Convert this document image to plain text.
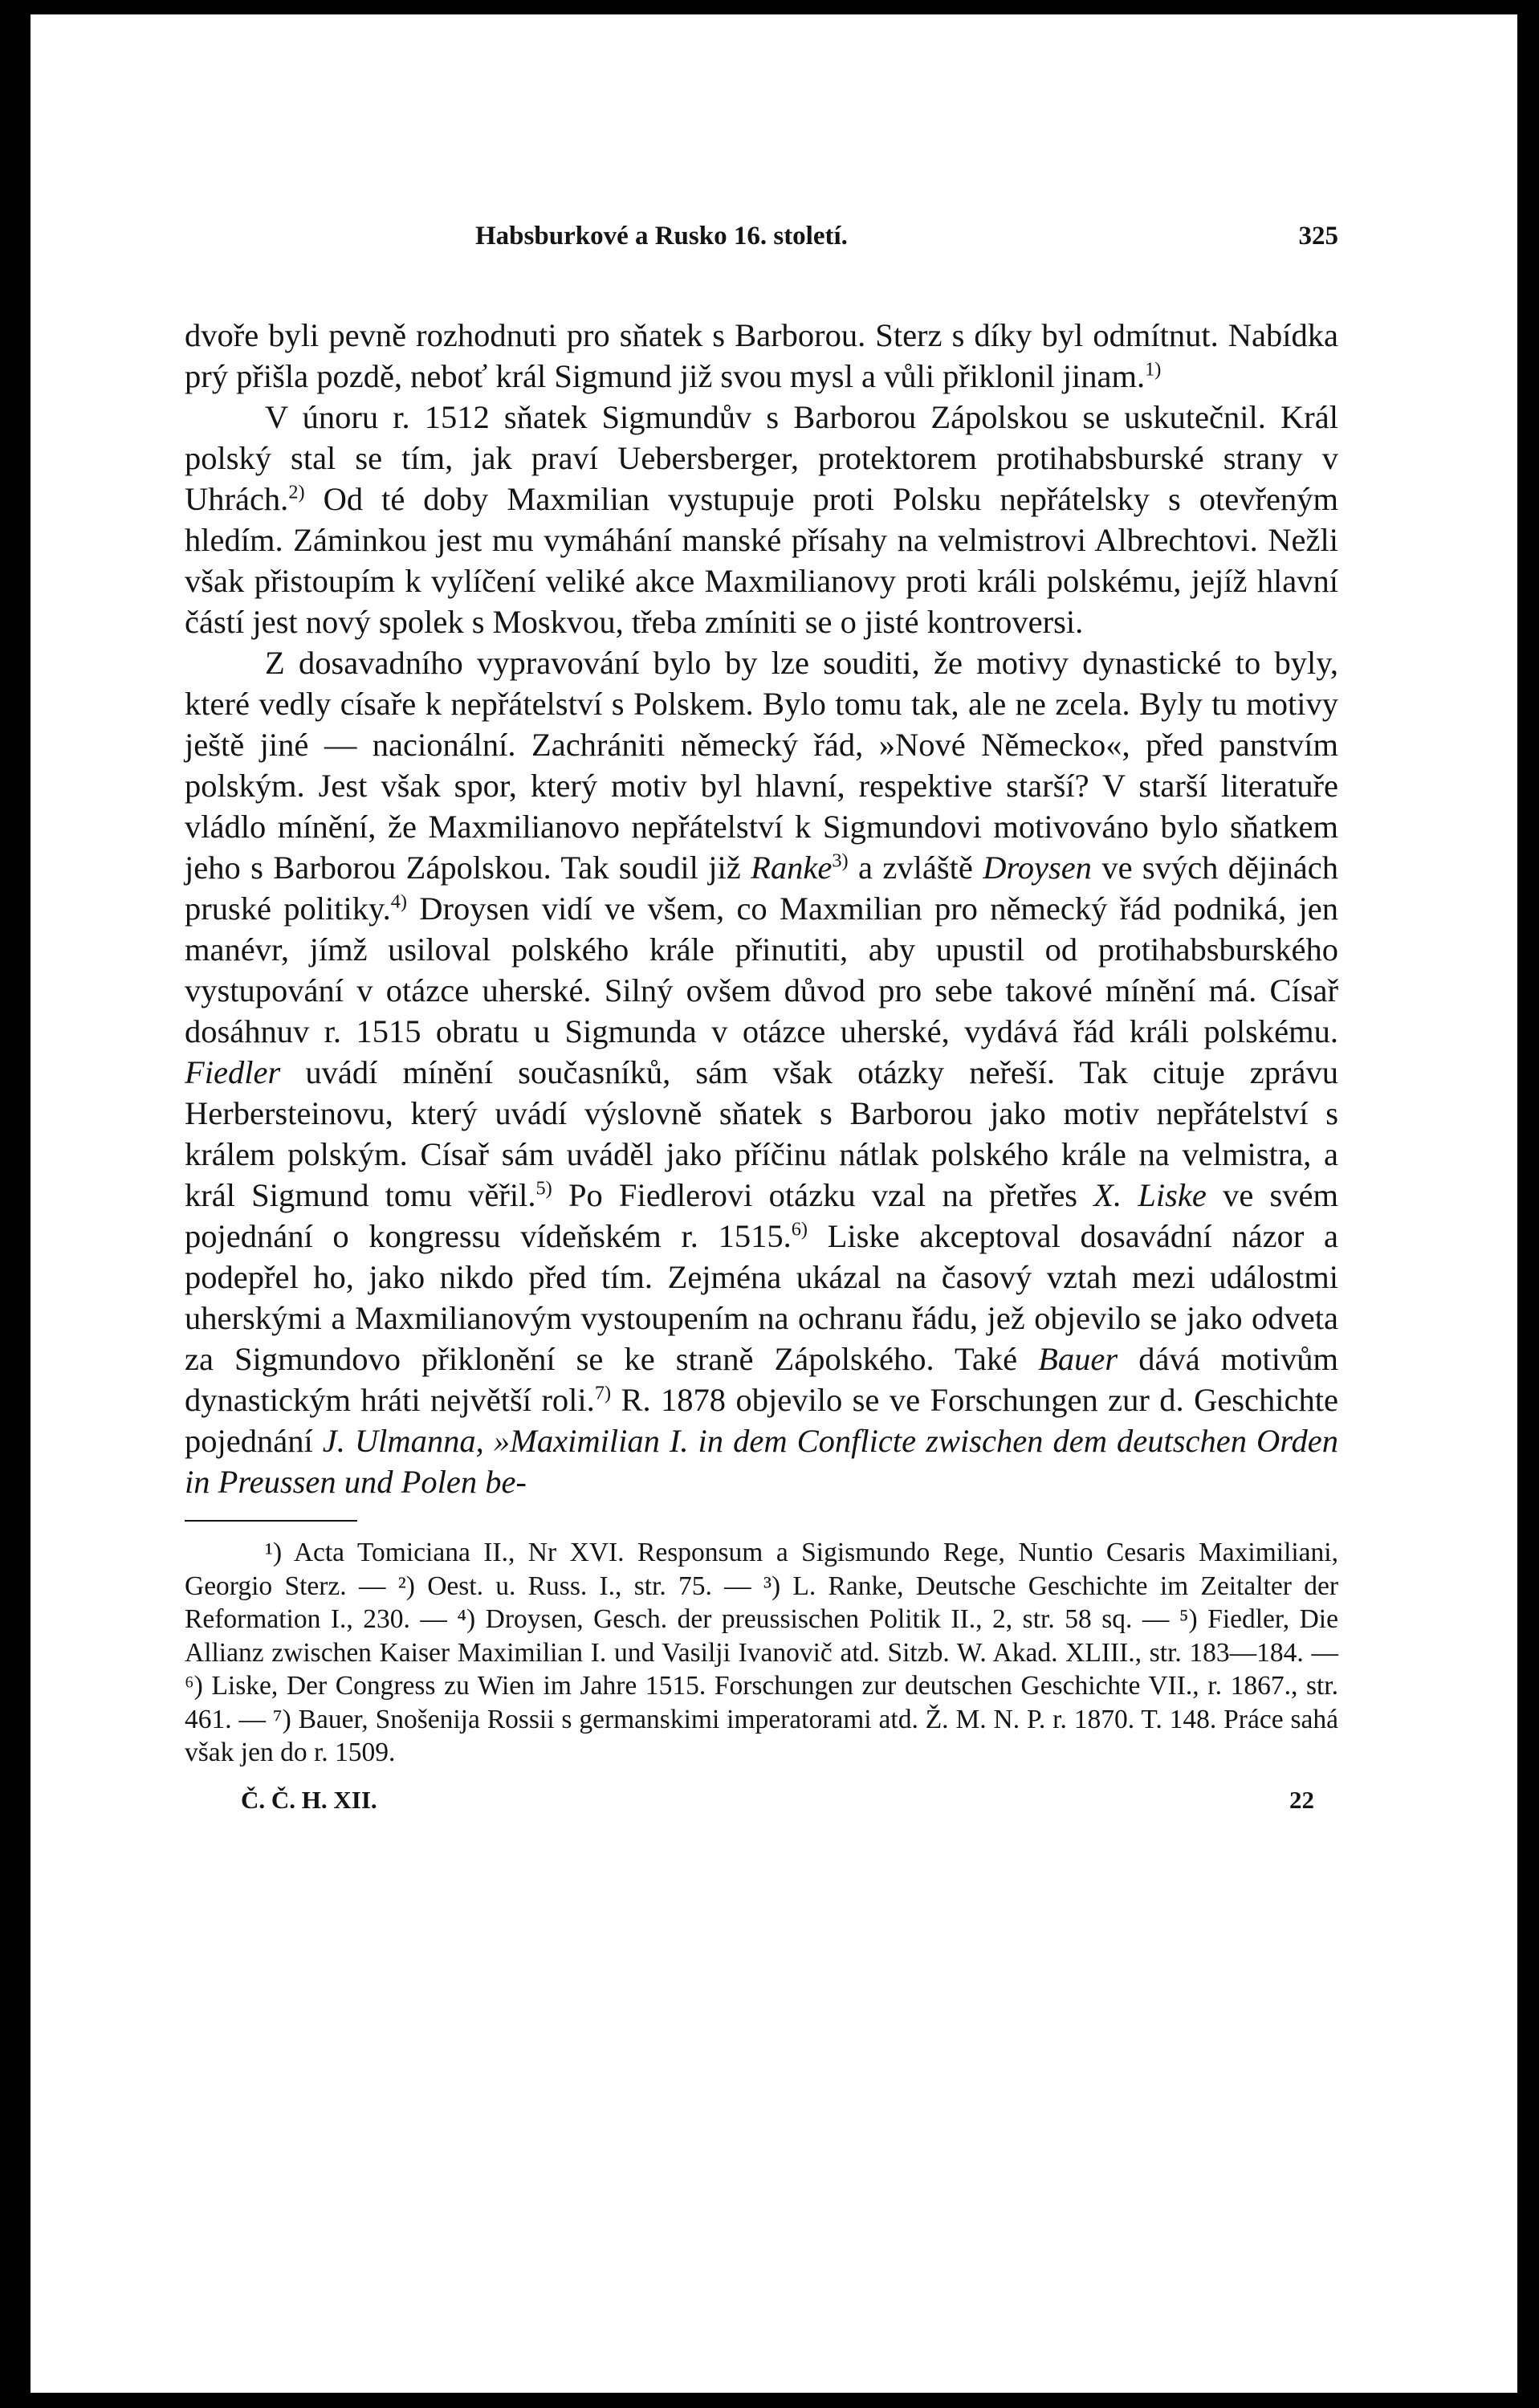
Habsburkové a Rusko 16. století.	325

dvoře byli pevně rozhodnuti pro sňatek s Barborou. Sterz s díky byl odmítnut. Nabídka prý přišla pozdě, neboť král Sigmund již svou mysl a vůli přiklonil jinam.$^{1)}$

V únoru r. 1512 sňatek Sigmundův s Barborou Zápolskou se uskutečnil. Král polský stal se tím, jak praví Uebersberger, protektorem protihabsburské strany v Uhrách.$^{2)}$ Od té doby Maxmilian vystupuje proti Polsku nepřátelsky s otevřeným hledím. Záminkou jest mu vymáhání manské přísahy na velmistrovi Albrechtovi. Nežli však přistoupím k vylíčení veliké akce Maxmilianovy proti králi polskému, jejíž hlavní částí jest nový spolek s Moskvou, třeba zmíniti se o jisté kontroversi.

Z dosavadního vypravování bylo by lze souditi, že motivy dynastické to byly, které vedly císaře k nepřátelství s Polskem. Bylo tomu tak, ale ne zcela. Byly tu motivy ještě jiné — nacionální. Zachrániti německý řád, »Nové Německo«, před panstvím polským. Jest však spor, který motiv byl hlavní, respektive starší? V starší literatuře vládlo mínění, že Maxmilianovo nepřátelství k Sigmundovi motivováno bylo sňatkem jeho s Barborou Zápolskou. Tak soudil již Ranke$^{3)}$ a zvláště Droysen ve svých dějinách pruské politiky.$^{4)}$ Droysen vidí ve všem, co Maxmilian pro německý řád podniká, jen manévr, jímž usiloval polského krále přinutiti, aby upustil od protihabsburského vystupování v otázce uherské. Silný ovšem důvod pro sebe takové mínění má. Císař dosáhnuv r. 1515 obratu u Sigmunda v otázce uherské, vydává řád králi polskému. Fiedler uvádí mínění současníků, sám však otázky neřeší. Tak cituje zprávu Herbersteinovu, který uvádí výslovně sňatek s Barborou jako motiv nepřátelství s králem polským. Císař sám uváděl jako příčinu nátlak polského krále na velmistra, a král Sigmund tomu věřil.$^{5)}$ Po Fiedlerovi otázku vzal na přetřes X. Liske ve svém pojednání o kongressu vídeňském r. 1515.$^{6)}$ Liske akceptoval dosavádní názor a podepřel ho, jako nikdo před tím. Zejména ukázal na časový vztah mezi událostmi uherskými a Maxmilianovým vystoupením na ochranu řádu, jež objevilo se jako odveta za Sigmundovo přiklonění se ke straně Zápolského. Také Bauer dává motivům dynastickým hráti největší roli.$^{7)}$ R. 1878 objevilo se ve Forschungen zur d. Geschichte pojednání J. Ulmanna, »Maximilian I. in dem Conflicte zwischen dem deutschen Orden in Preussen und Polen be-

¹) Acta Tomiciana II., Nr XVI. Responsum a Sigismundo Rege, Nuntio Cesaris Maximiliani, Georgio Sterz. — ²) Oest. u. Russ. I., str. 75. — ³) L. Ranke, Deutsche Geschichte im Zeitalter der Reformation I., 230. — ⁴) Droysen, Gesch. der preussischen Politik II., 2, str. 58 sq. — ⁵) Fiedler, Die Allianz zwischen Kaiser Maximilian I. und Vasilji Ivanovič atd. Sitzb. W. Akad. XLIII., str. 183—184. — ⁶) Liske, Der Congress zu Wien im Jahre 1515. Forschungen zur deutschen Geschichte VII., r. 1867., str. 461. — ⁷) Bauer, Snošenija Rossii s germanskimi imperatorami atd. Ž. M. N. P. r. 1870. T. 148. Práce sahá však jen do r. 1509.
Č. Č. H. XII.	22
